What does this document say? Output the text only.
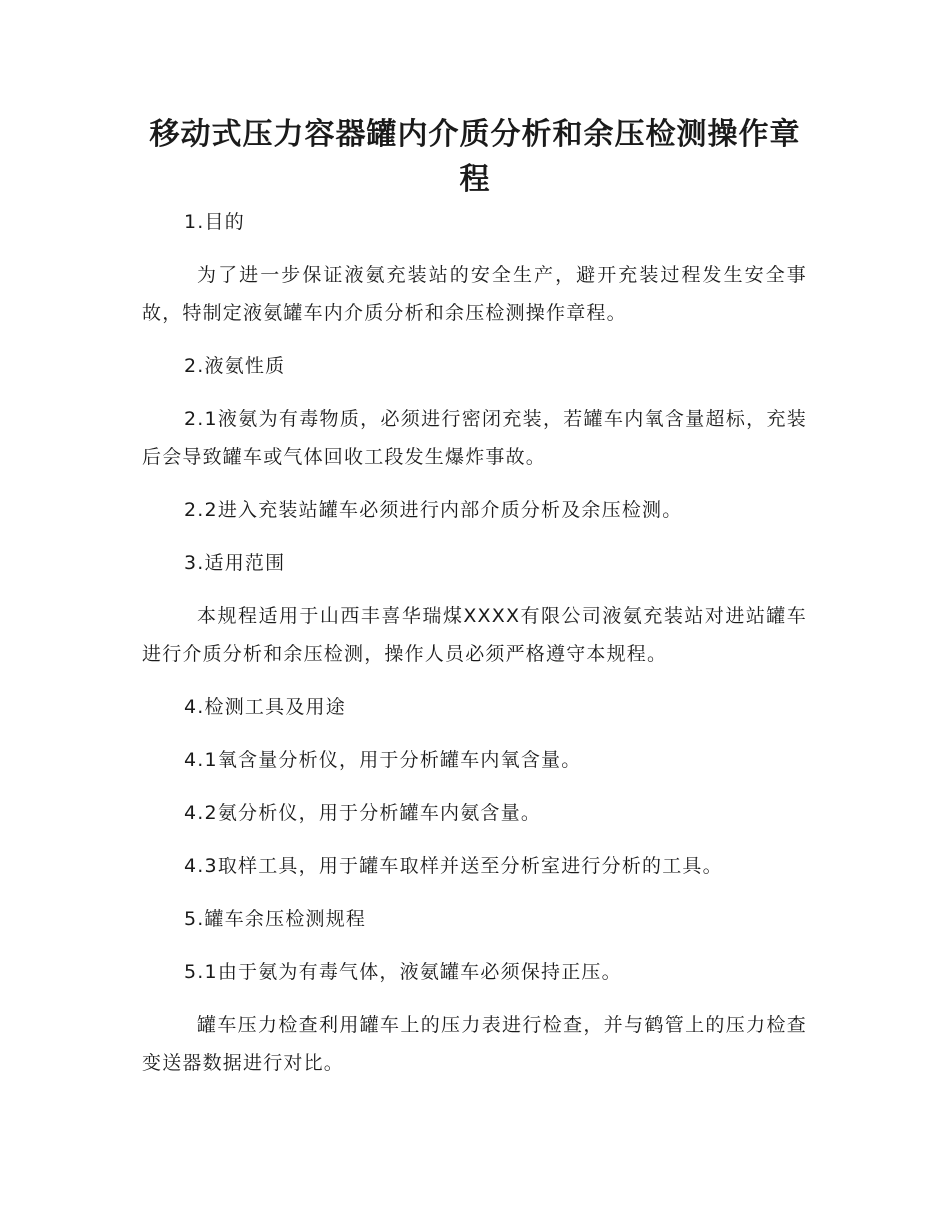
移动式压力容器罐内介质分析和余压检测操作章程
1.目的
为了进一步保证液氨充装站的安全生产，避开充装过程发生安全事故，特制定液氨罐车内介质分析和余压检测操作章程。
2.液氨性质
2.1液氨为有毒物质，必须进行密闭充装，若罐车内氧含量超标，充装后会导致罐车或气体回收工段发生爆炸事故。
2.2进入充装站罐车必须进行内部介质分析及余压检测。
3.适用范围
本规程适用于山西丰喜华瑞煤XXXX有限公司液氨充装站对进站罐车进行介质分析和余压检测，操作人员必须严格遵守本规程。
4.检测工具及用途
4.1氧含量分析仪，用于分析罐车内氧含量。
4.2氨分析仪，用于分析罐车内氨含量。
4.3取样工具，用于罐车取样并送至分析室进行分析的工具。
5.罐车余压检测规程
5.1由于氨为有毒气体，液氨罐车必须保持正压。
罐车压力检查利用罐车上的压力表进行检查，并与鹤管上的压力检查变送器数据进行对比。
